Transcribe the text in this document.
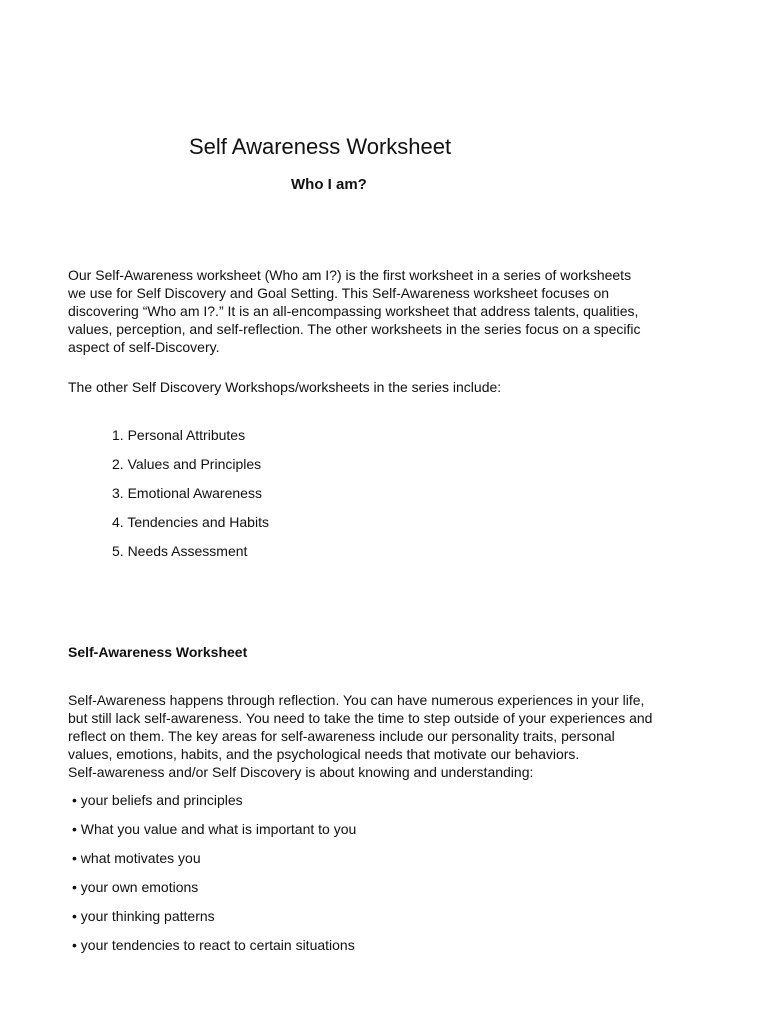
Self Awareness Worksheet
Who I am?
Our Self-Awareness worksheet (Who am I?) is the first worksheet in a series of worksheets
we use for Self Discovery and Goal Setting. This Self-Awareness worksheet focuses on
discovering “Who am I?.” It is an all-encompassing worksheet that address talents, qualities,
values, perception, and self-reflection. The other worksheets in the series focus on a specific
aspect of self-Discovery.

The other Self Discovery Workshops/worksheets in the series include:

1. Personal Attributes
2. Values and Principles
3. Emotional Awareness
4. Tendencies and Habits
5. Needs Assessment
Self-Awareness Worksheet
Self-Awareness happens through reflection. You can have numerous experiences in your life,
but still lack self-awareness. You need to take the time to step outside of your experiences and
reflect on them. The key areas for self-awareness include our personality traits, personal
values, emotions, habits, and the psychological needs that motivate our behaviors.
Self-awareness and/or Self Discovery is about knowing and understanding:
• your beliefs and principles
• What you value and what is important to you
• what motivates you
• your own emotions
• your thinking patterns
• your tendencies to react to certain situations
